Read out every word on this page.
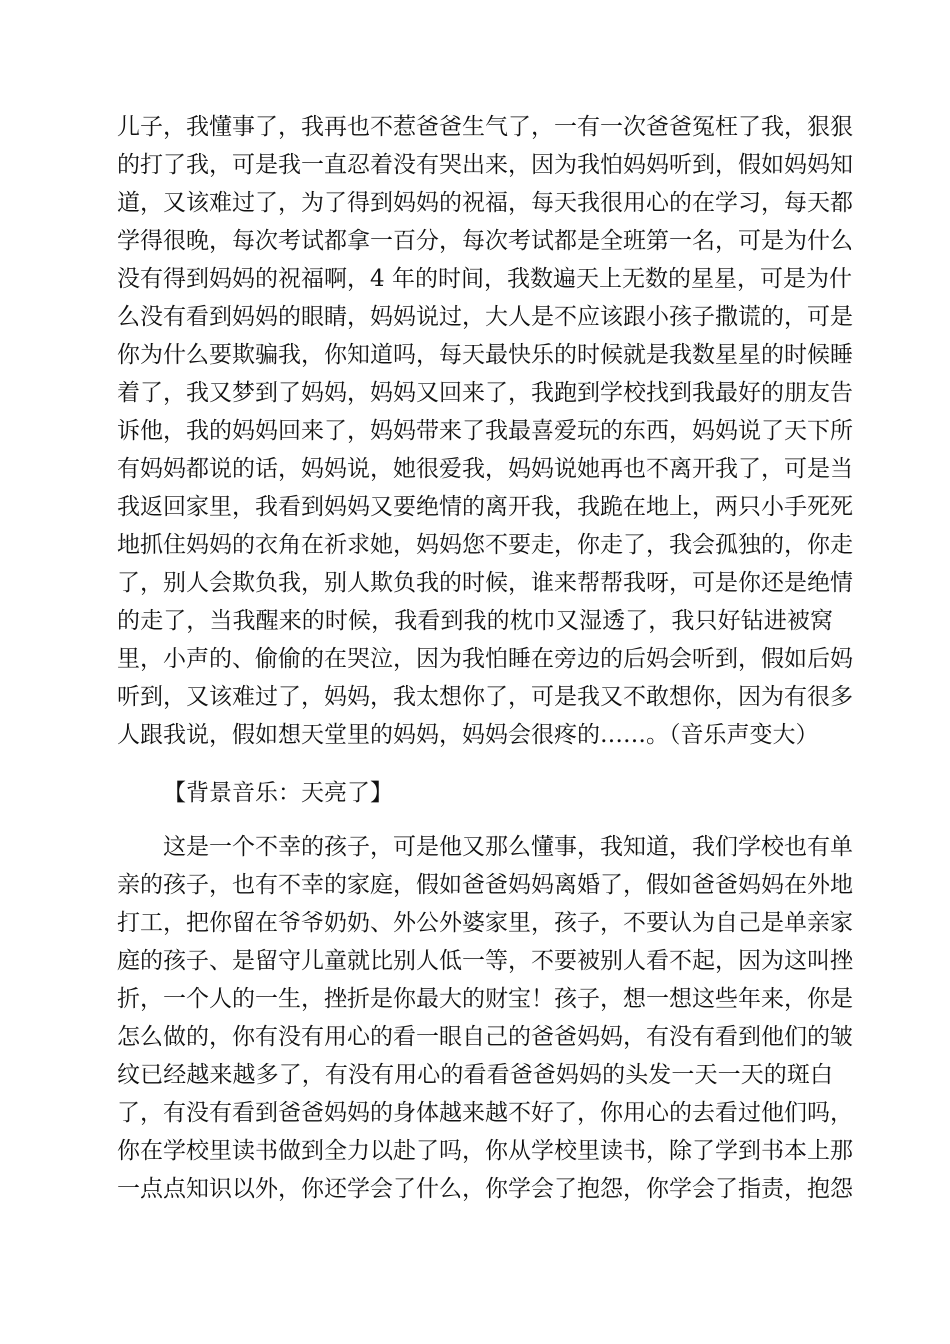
儿子，我懂事了，我再也不惹爸爸生气了，一有一次爸爸冤枉了我，狠狠
的打了我，可是我一直忍着没有哭出来，因为我怕妈妈听到，假如妈妈知
道，又该难过了，为了得到妈妈的祝福，每天我很用心的在学习，每天都
学得很晚，每次考试都拿一百分，每次考试都是全班第一名，可是为什么
没有得到妈妈的祝福啊，4 年的时间，我数遍天上无数的星星，可是为什
么没有看到妈妈的眼睛，妈妈说过，大人是不应该跟小孩子撒谎的，可是
你为什么要欺骗我，你知道吗，每天最快乐的时候就是我数星星的时候睡
着了，我又梦到了妈妈，妈妈又回来了，我跑到学校找到我最好的朋友告
诉他，我的妈妈回来了，妈妈带来了我最喜爱玩的东西，妈妈说了天下所
有妈妈都说的话，妈妈说，她很爱我，妈妈说她再也不离开我了，可是当
我返回家里，我看到妈妈又要绝情的离开我，我跪在地上，两只小手死死
地抓住妈妈的衣角在祈求她，妈妈您不要走，你走了，我会孤独的，你走
了，别人会欺负我，别人欺负我的时候，谁来帮帮我呀，可是你还是绝情
的走了，当我醒来的时候，我看到我的枕巾又湿透了，我只好钻进被窝
里，小声的、偷偷的在哭泣，因为我怕睡在旁边的后妈会听到，假如后妈
听到，又该难过了，妈妈，我太想你了，可是我又不敢想你，因为有很多
人跟我说，假如想天堂里的妈妈，妈妈会很疼的……。（音乐声变大）
【背景音乐：天亮了】
这是一个不幸的孩子，可是他又那么懂事，我知道，我们学校也有单
亲的孩子，也有不幸的家庭，假如爸爸妈妈离婚了，假如爸爸妈妈在外地
打工，把你留在爷爷奶奶、外公外婆家里，孩子，不要认为自己是单亲家
庭的孩子、是留守儿童就比别人低一等，不要被别人看不起，因为这叫挫
折，一个人的一生，挫折是你最大的财宝！孩子，想一想这些年来，你是
怎么做的，你有没有用心的看一眼自己的爸爸妈妈，有没有看到他们的皱
纹已经越来越多了，有没有用心的看看爸爸妈妈的头发一天一天的斑白
了，有没有看到爸爸妈妈的身体越来越不好了，你用心的去看过他们吗，
你在学校里读书做到全力以赴了吗，你从学校里读书，除了学到书本上那
一点点知识以外，你还学会了什么，你学会了抱怨，你学会了指责，抱怨
